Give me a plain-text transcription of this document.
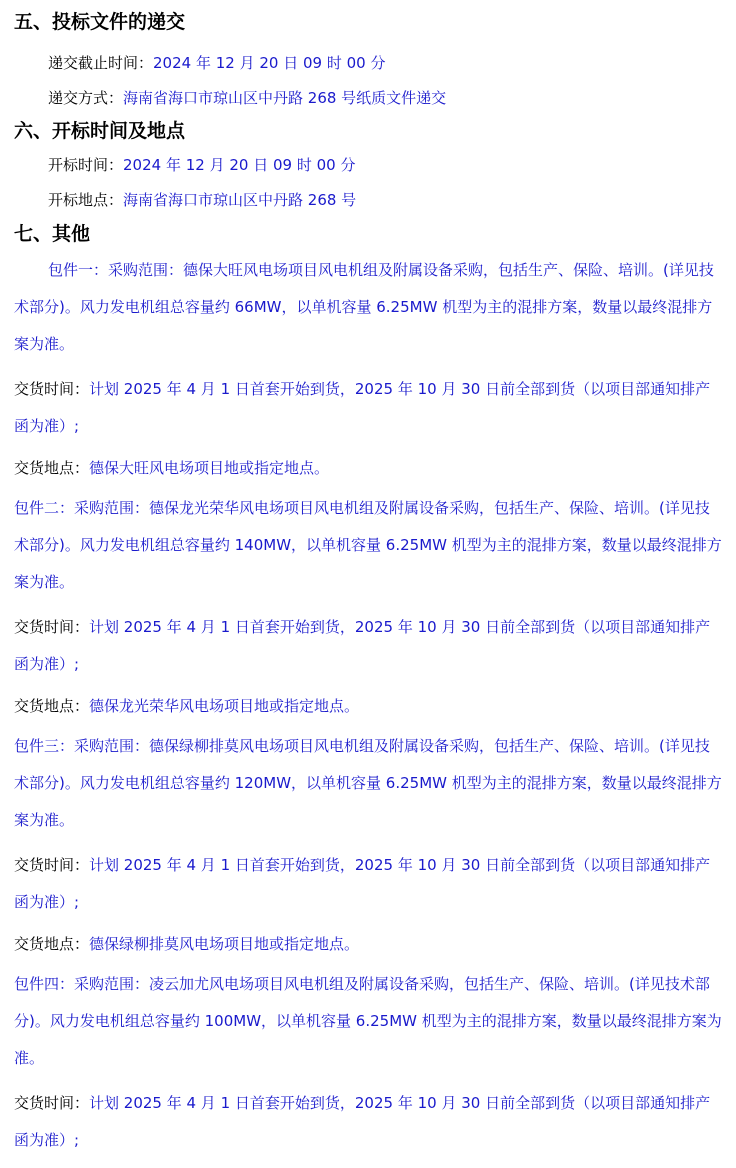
五、投标文件的递交
递交截止时间：2024 年 12 月 20 日 09 时 00 分
递交方式：海南省海口市琼山区中丹路 268 号纸质文件递交
六、开标时间及地点
开标时间：2024 年 12 月 20 日 09 时 00 分
开标地点：海南省海口市琼山区中丹路 268 号
七、其他
包件一：采购范围：德保大旺风电场项目风电机组及附属设备采购，包括生产、保险、培训。(详见技术部分)。风力发电机组总容量约 66MW，以单机容量 6.25MW 机型为主的混排方案，数量以最终混排方案为准。
交货时间：计划 2025 年 4 月 1 日首套开始到货，2025 年 10 月 30 日前全部到货（以项目部通知排产函为准）;
交货地点：德保大旺风电场项目地或指定地点。
包件二：采购范围：德保龙光荣华风电场项目风电机组及附属设备采购，包括生产、保险、培训。(详见技术部分)。风力发电机组总容量约 140MW，以单机容量 6.25MW 机型为主的混排方案，数量以最终混排方案为准。
交货时间：计划 2025 年 4 月 1 日首套开始到货，2025 年 10 月 30 日前全部到货（以项目部通知排产函为准）;
交货地点：德保龙光荣华风电场项目地或指定地点。
包件三：采购范围：德保绿柳排莫风电场项目风电机组及附属设备采购，包括生产、保险、培训。(详见技术部分)。风力发电机组总容量约 120MW，以单机容量 6.25MW 机型为主的混排方案，数量以最终混排方案为准。
交货时间：计划 2025 年 4 月 1 日首套开始到货，2025 年 10 月 30 日前全部到货（以项目部通知排产函为准）;
交货地点：德保绿柳排莫风电场项目地或指定地点。
包件四：采购范围：凌云加尤风电场项目风电机组及附属设备采购，包括生产、保险、培训。(详见技术部分)。风力发电机组总容量约 100MW，以单机容量 6.25MW 机型为主的混排方案，数量以最终混排方案为准。
交货时间：计划 2025 年 4 月 1 日首套开始到货，2025 年 10 月 30 日前全部到货（以项目部通知排产函为准）;
